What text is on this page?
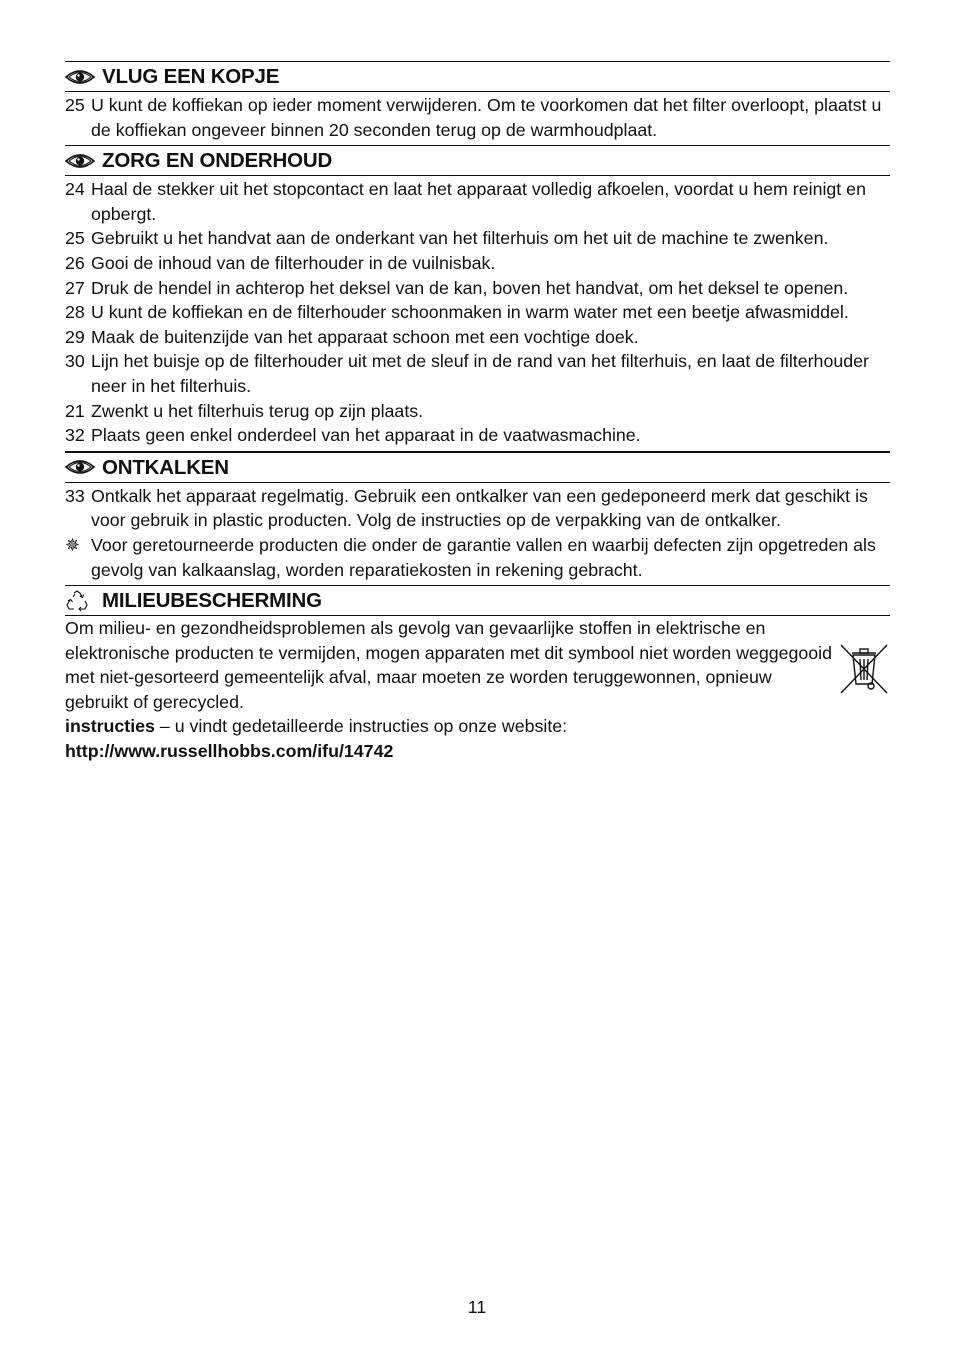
VLUG EEN KOPJE
25 U kunt de koffiekan op ieder moment verwijderen. Om te voorkomen dat het filter overloopt, plaatst u de koffiekan ongeveer binnen 20 seconden terug op de warmhoudplaat.
ZORG EN ONDERHOUD
24 Haal de stekker uit het stopcontact en laat het apparaat volledig afkoelen, voordat u hem reinigt en opbergt.
25 Gebruikt u het handvat aan de onderkant van het filterhuis om het uit de machine te zwenken.
26 Gooi de inhoud van de filterhouder in de vuilnisbak.
27 Druk de hendel in achterop het deksel van de kan, boven het handvat, om het deksel te openen.
28 U kunt de koffiekan en de filterhouder schoonmaken in warm water met een beetje afwasmiddel.
29 Maak de buitenzijde van het apparaat schoon met een vochtige doek.
30 Lijn het buisje op de filterhouder uit met de sleuf in de rand van het filterhuis, en laat de filterhouder neer in het filterhuis.
21 Zwenkt u het filterhuis terug op zijn plaats.
32 Plaats geen enkel onderdeel van het apparaat in de vaatwasmachine.
ONTKALKEN
33 Ontkalk het apparaat regelmatig. Gebruik een ontkalker van een gedeponeerd merk dat geschikt is voor gebruik in plastic producten. Volg de instructies op de verpakking van de ontkalker.
✵ Voor geretourneerde producten die onder de garantie vallen en waarbij defecten zijn opgetreden als gevolg van kalkaanslag, worden reparatiekosten in rekening gebracht.
MILIEUBESCHERMING
Om milieu- en gezondheidsproblemen als gevolg van gevaarlijke stoffen in elektrische en elektronische producten te vermijden, mogen apparaten met dit symbool niet worden weggegooid met niet-gesorteerd gemeentelijk afval, maar moeten ze worden teruggewonnen, opnieuw gebruikt of gerecycled.
instructies – u vindt gedetailleerde instructies op onze website:
http://www.russellhobbs.com/ifu/14742
11
